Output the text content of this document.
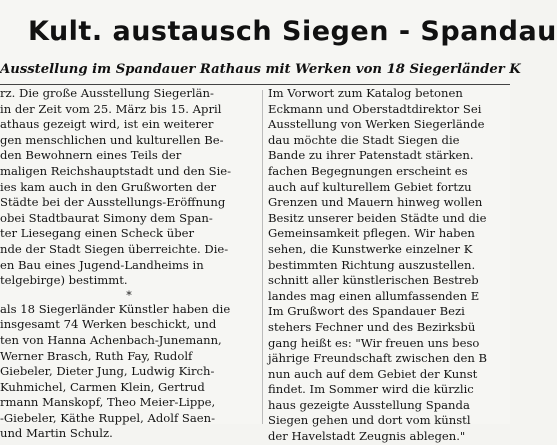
Kult. austausch Siegen - Spandau
Ausstellung im Spandauer Rathaus mit Werken von 18 Siegerländer K
rz. Die große Ausstellung Siegerlän-
in der Zeit vom 25. März bis 15. April
athaus gezeigt wird, ist ein weiterer
gen menschlichen und kulturellen Be-
den Bewohnern eines Teils der
maligen Reichshauptstadt und den Sie-
ies kam auch in den Grußworten der
Städte bei der Ausstellungs-Eröffnung
obei Stadtbaurat Simony dem Span-
ter Liesegang einen Scheck über
nde der Stadt Siegen überreichte. Die-
en Bau eines Jugend-Landheims in
telgebirge) bestimmt.
*
als 18 Siegerländer Künstler haben die
insgesamt 74 Werken beschickt, und
ten von Hanna Achenbach-Junemann,
Werner Brasch, Ruth Fay, Rudolf
Giebeler, Dieter Jung, Ludwig Kirch-
Kuhmichel, Carmen Klein, Gertrud
rmann Manskopf, Theo Meier-Lippe,
-Giebeler, Käthe Ruppel, Adolf Saen-
und Martin Schulz.
Im Vorwort zum Katalog betonen
Eckmann und Oberstadtdirektor Sei
Ausstellung von Werken Siegerlände
dau möchte die Stadt Siegen die
Bande zu ihrer Patenstadt stärken.
fachen Begegnungen erscheint es
auch auf kulturellem Gebiet fortzu
Grenzen und Mauern hinweg wollen
Besitz unserer beiden Städte und die
Gemeinsamkeit pflegen. Wir haben
sehen, die Kunstwerke einzelner K
bestimmten Richtung auszustellen.
schnitt aller künstlerischen Bestreb
landes mag einen allumfassenden E
Im Grußwort des Spandauer Bezi
stehers Fechner und des Bezirksbü
gang heißt es: "Wir freuen uns beso
jährige Freundschaft zwischen den B
nun auch auf dem Gebiet der Kunst
findet. Im Sommer wird die kürzlic
haus gezeigte Ausstellung Spanda
Siegen gehen und dort vom künstl
der Havelstadt Zeugnis ablegen."
